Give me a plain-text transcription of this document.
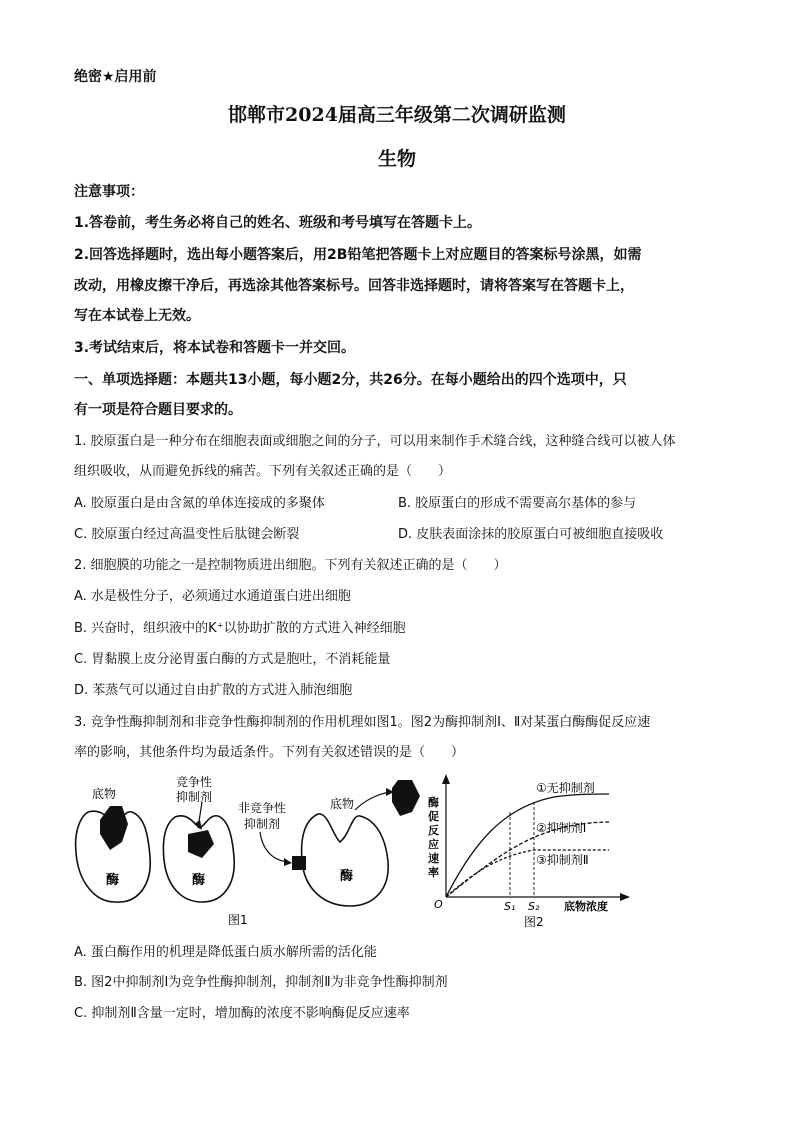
绝密★启用前
邯郸市2024届高三年级第二次调研监测
生物
注意事项：
1.答卷前，考生务必将自己的姓名、班级和考号填写在答题卡上。
2.回答选择题时，选出每小题答案后，用2B铅笔把答题卡上对应题目的答案标号涂黑，如需
改动，用橡皮擦干净后，再选涂其他答案标号。回答非选择题时，请将答案写在答题卡上，
写在本试卷上无效。
3.考试结束后，将本试卷和答题卡一并交回。
一、单项选择题：本题共13小题，每小题2分，共26分。在每小题给出的四个选项中，只
有一项是符合题目要求的。
1. 胶原蛋白是一种分布在细胞表面或细胞之间的分子，可以用来制作手术缝合线，这种缝合线可以被人体
组织吸收，从而避免拆线的痛苦。下列有关叙述正确的是（　　）
A. 胶原蛋白是由含氮的单体连接成的多聚体	B. 胶原蛋白的形成不需要高尔基体的参与
C. 胶原蛋白经过高温变性后肽键会断裂	D. 皮肤表面涂抹的胶原蛋白可被细胞直接吸收
2. 细胞膜的功能之一是控制物质进出细胞。下列有关叙述正确的是（　　）
A. 水是极性分子，必须通过水通道蛋白进出细胞
B. 兴奋时，组织液中的K⁺以协助扩散的方式进入神经细胞
C. 胃黏膜上皮分泌胃蛋白酶的方式是胞吐，不消耗能量
D. 苯蒸气可以通过自由扩散的方式进入肺泡细胞
3. 竞争性酶抑制剂和非竞争性酶抑制剂的作用机理如图1。图2为酶抑制剂Ⅰ、Ⅱ对某蛋白酶酶促反应速
率的影响，其他条件均为最适条件。下列有关叙述错误的是（　　）
底物
酶
竞争性
抑制剂
酶
非竞争性
抑制剂
底物
酶
图1
酶
促
反
应
速
率
O	S₁ S₂ 底物浓度
①无抑制剂
②抑制剂Ⅰ
③抑制剂Ⅱ
图2
A. 蛋白酶作用的机理是降低蛋白质水解所需的活化能
B. 图2中抑制剂Ⅰ为竞争性酶抑制剂，抑制剂Ⅱ为非竞争性酶抑制剂
C. 抑制剂Ⅱ含量一定时，增加酶的浓度不影响酶促反应速率
